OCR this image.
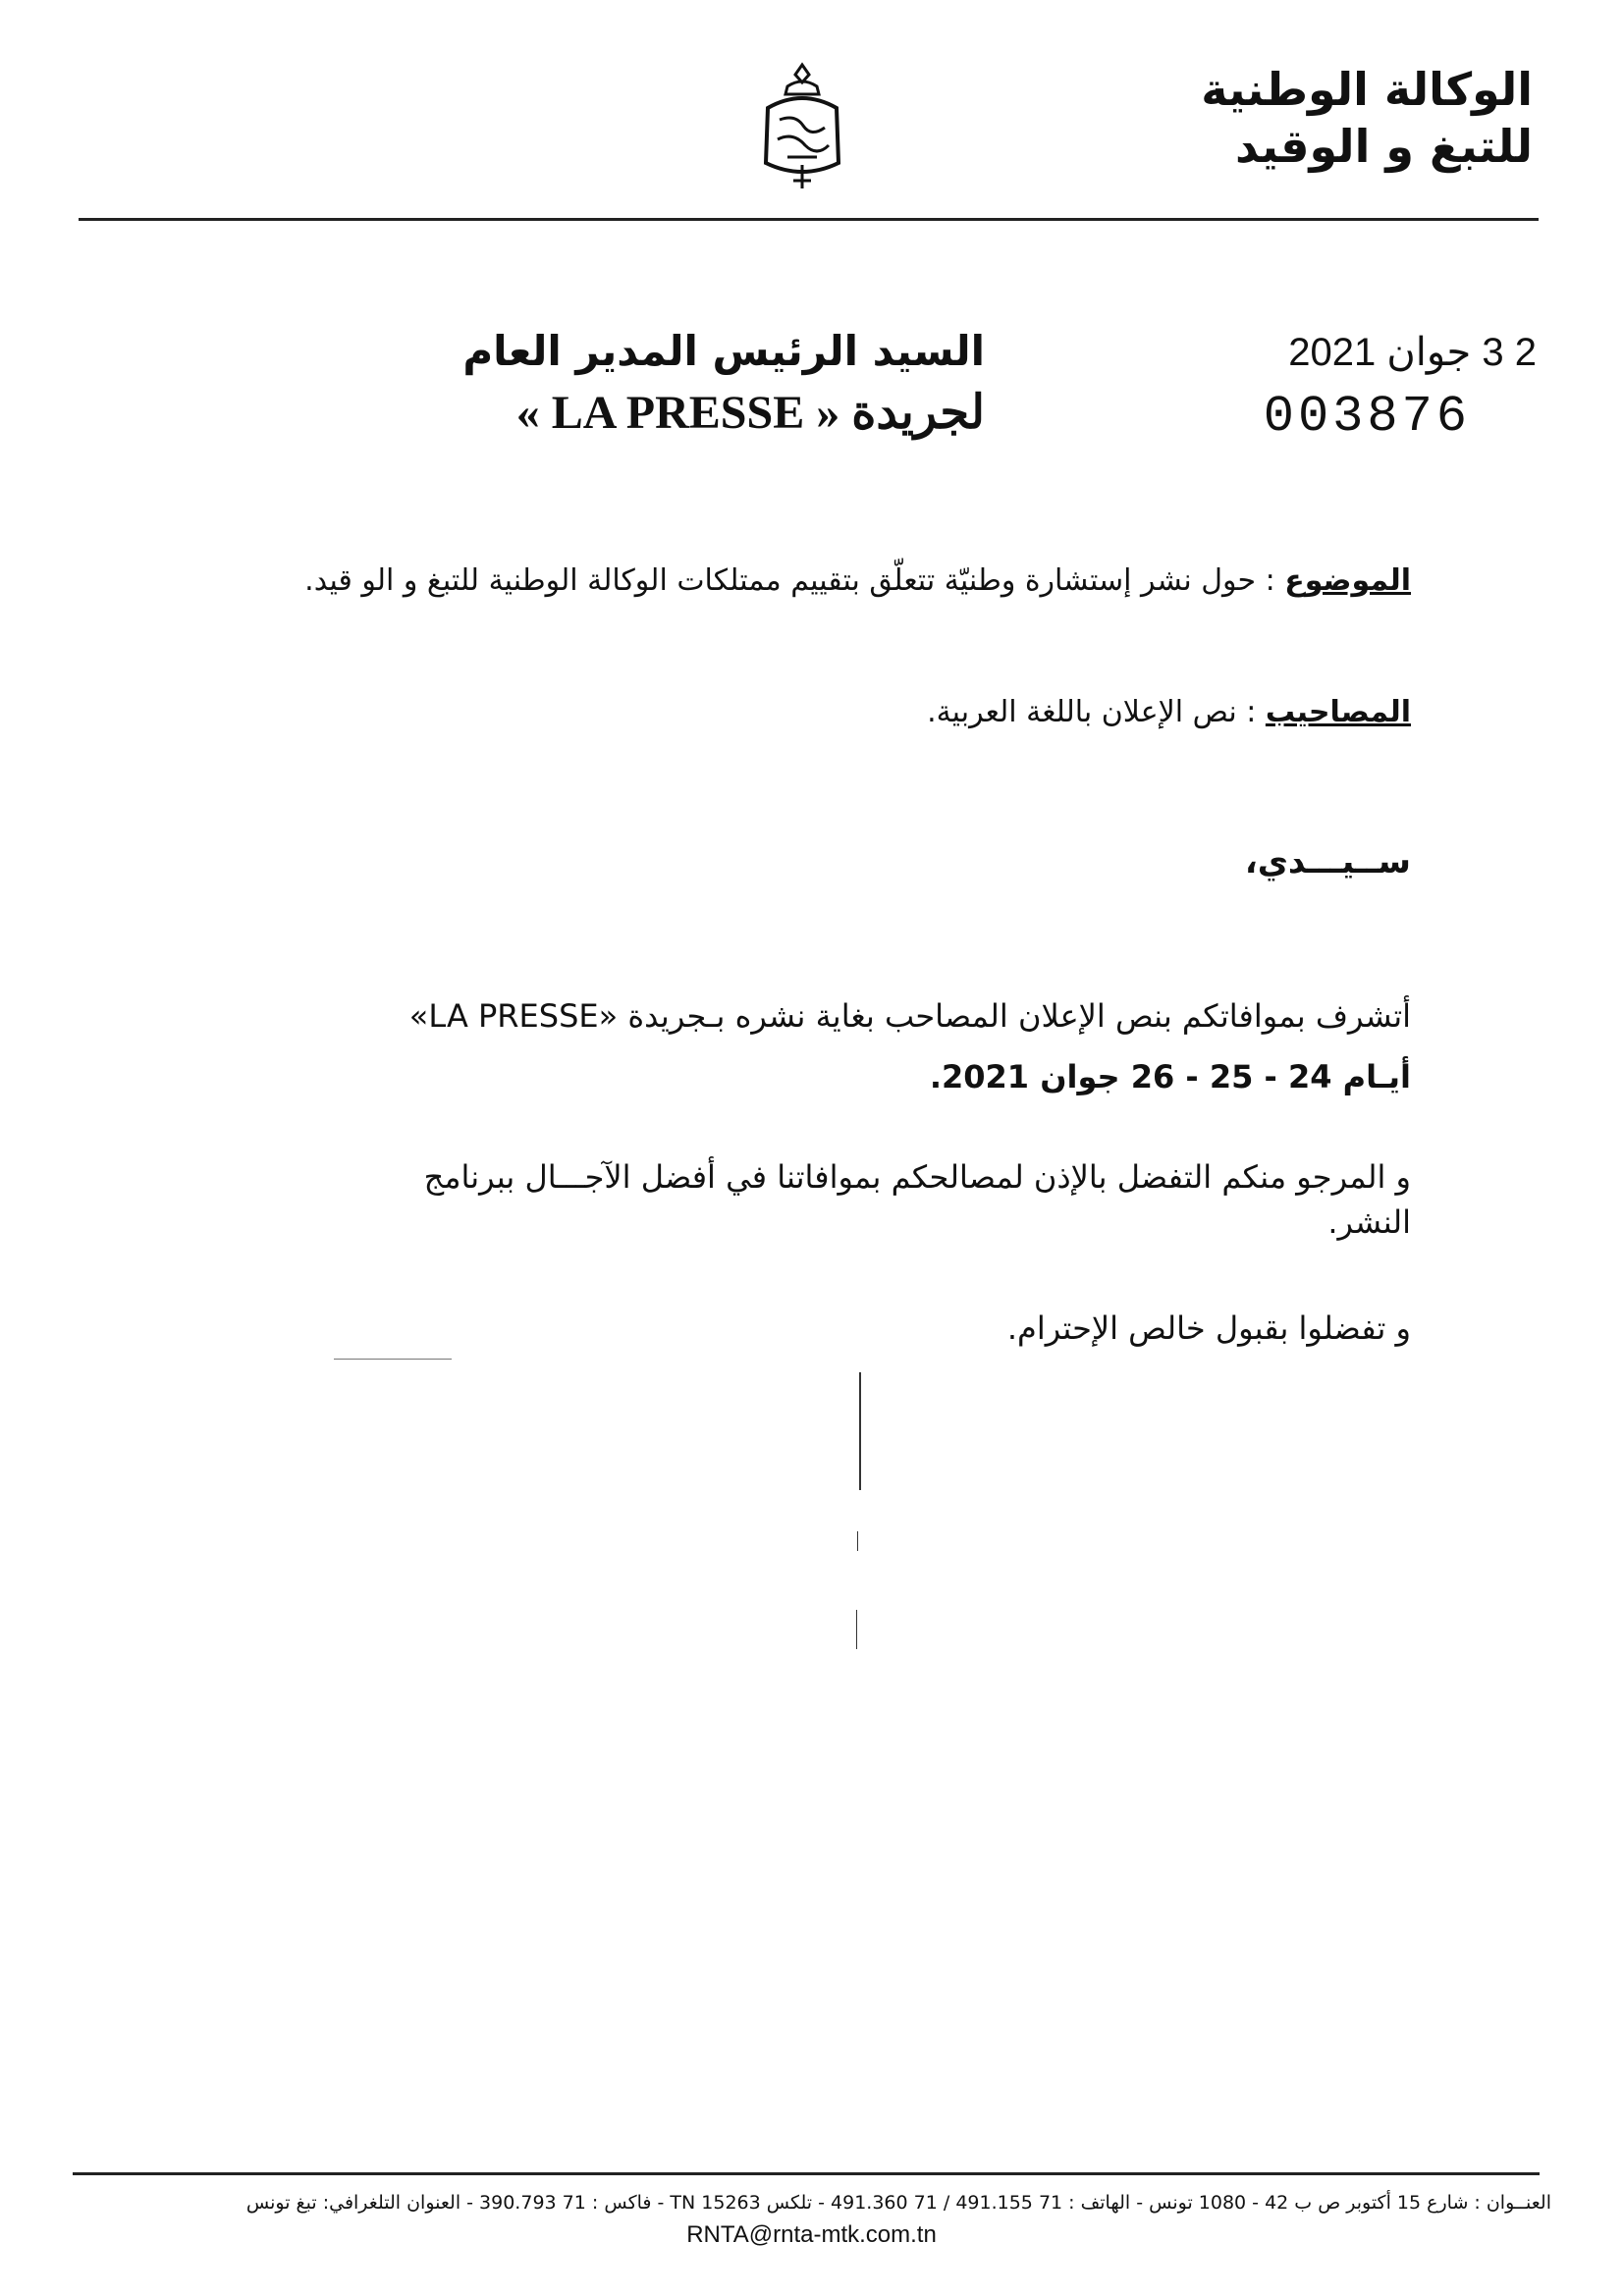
الوكالة الوطنية
للتبغ و الوقيد
السيد الرئيس المدير العام
لجريدة « LA PRESSE »
2 3 جوان 2021
003876
الموضوع : حول نشر إستشارة وطنيّة تتعلّق بتقييم ممتلكات الوكالة الوطنية للتبغ و الو قيد.
المصاحيب : نص الإعلان باللغة العربية.
ســيـــدي،
أتشرف بموافاتكم بنص الإعلان المصاحب بغاية نشره بـجريدة «LA PRESSE»
أيـام 24 - 25 - 26 جوان 2021.
و المرجو منكم التفضل بالإذن لمصالحكم بموافاتنا في أفضل الآجـــال ببرنامج
النشر.
و تفضلوا بقبول خالص الإحترام.
العنــوان : شارع 15 أكتوبر ص ب 42 - 1080 تونس - الهاتف : 71 491.155 / 71 491.360 - تلكس TN 15263 - فاكس : 71 390.793 - العنوان التلغرافي: تبغ تونس
RNTA@rnta-mtk.com.tn
